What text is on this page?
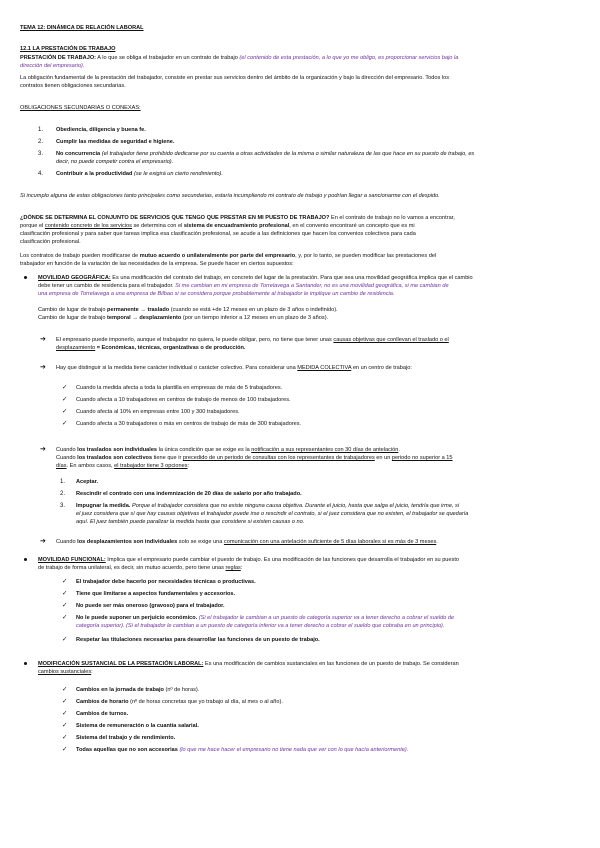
TEMA 12: DINÁMICA DE RELACIÓN LABORAL
12.1 LA PRESTACIÓN DE TRABAJO
PRESTACIÓN DE TRABAJO: A lo que se obliga el trabajador en un contrato de trabajo (el contenido de esta prestación, a lo que yo me obligo, es proporcionar servicios bajo la
dirección del empresario).
La obligación fundamental de la prestación del trabajador, consiste en prestar sus servicios dentro del ámbito de la organización y bajo la dirección del empresario. Todos los
contratos tienen obligaciones secundarias.
OBLIGACIONES SECUNDARIAS O CONEXAS:
1. Obediencia, diligencia y buena fe.
2. Cumplir las medidas de seguridad e higiene.
3. No concurrencia (el trabajador tiene prohibido dedicarse por su cuenta a otras actividades de la misma o similar naturaleza de las que hace en su puesto de trabajo, es
decir, no puede competir contra el empresario).
4. Contribuir a la productividad (se le exigirá un cierto rendimiento).
Si incumplo alguna de estas obligaciones tanto principales como secundarias, estaría incumpliendo mi contrato de trabajo y podrían llegar a sancionarme con el despido.
¿DÓNDE SE DETERMINA EL CONJUNTO DE SERVICIOS QUE TENGO QUE PRESTAR EN MI PUESTO DE TRABAJO? En el contrato de trabajo no lo vamos a encontrar,
porque el contenido concreto de los servicios se determina con el sistema de encuadramiento profesional, en el convenio encontraré un concepto que es mi
clasificación profesional y para saber que tareas implica esa clasificación profesional, se acude a las definiciones que hacen los convenios colectivos para cada
clasificación profesional.
Los contratos de trabajo pueden modificarse de mutuo acuerdo o unilateralmente por parte del empresario, y, por lo tanto, se pueden modificar las prestaciones del
trabajador en función de la variación de las necesidades de la empresa. Se puede hacer en ciertos supuestos:
MOVILIDAD GEOGRÁFICA: Es una modificación del contrato del trabajo, en concreto del lugar de la prestación. Para que sea una movilidad geográfica implica que el cambio
debe tener un cambio de residencia para el trabajador. Si me cambian en mi empresa de Torrelavega a Santander, no es una movilidad geográfica, si me cambian de
una empresa de Torrelavega a una empresa de Bilbao si se considera porque probablemente al trabajador le implique un cambio de residencia.
Cambio de lugar de trabajo permanente → traslado (cuando se está +de 12 meses en un plazo de 3 años o indefinido).
Cambio de lugar de trabajo temporal → desplazamiento (por un tiempo inferior a 12 meses en un plazo de 3 años).
➔ El empresario puede imponerlo, aunque el trabajador no quiera, le puede obligar, pero, no tiene que tener unas causas objetivas que conllevan el traslado o el
desplazamiento = Económicas, técnicas, organizativas o de producción.
➔ Hay que distinguir si la medida tiene carácter individual o carácter colectivo. Para considerar una MEDIDA COLECTIVA en un centro de trabajo:
✓ Cuando la medida afecta a toda la plantilla en empresas de más de 5 trabajadores.
✓ Cuando afecta a 10 trabajadores en centros de trabajo de menos de 100 trabajadores.
✓ Cuando afecta al 10% en empresas entre 100 y 300 trabajadores.
✓ Cuando afecta a 30 trabajadores o más en centros de trabajo de más de 300 trabajadores.
➔ Cuando los traslados son individuales la única condición que se exige es la notificación a sus representantes con 30 días de antelación.
Cuando los traslados son colectivos tiene que ir precedido de un periodo de consultas con los representantes de trabajadores en un periodo no superior a 15
días. En ambos casos, el trabajador tiene 3 opciones:
1. Aceptar.
2. Rescindir el contrato con una indemnización de 20 días de salario por año trabajado.
3. Impugnar la medida. Porque el trabajador considera que no existe ninguna causa objetiva. Durante el juicio, hasta que salga el juicio, tendría que irme, si
el juez considera que sí que hay causas objetivas el trabajador puede irse o rescindir el contrato, si el juez considera que no existen, el trabajador se quedaría
aquí. El juez también puede paralizar la medida hasta que considere si existen causas o no.
➔ Cuando los desplazamientos son individuales solo se exige una comunicación con una antelación suficiente de 5 días laborales si es más de 3 meses.
MOVILIDAD FUNCIONAL: Implica que el empresario puede cambiar el puesto de trabajo. Es una modificación de las funciones que desarrolla el trabajador en su puesto
de trabajo de forma unilateral, es decir, sin mutuo acuerdo, pero tiene unas reglas:
✓ El trabajador debe hacerlo por necesidades técnicas o productivas.
✓ Tiene que limitarse a aspectos fundamentales y accesorios.
✓ No puede ser más oneroso (gravoso) para el trabajador.
✓ No le puede suponer un perjuicio económico. (Si el trabajador le cambian a un puesto de categoría superior va a tener derecho a cobrar el sueldo de
categoría superior). (Si el trabajador le cambian a un puesto de categoría inferior va a tener derecho a cobrar el sueldo que cobraba en un principio).
✓ Respetar las titulaciones necesarias para desarrollar las funciones de un puesto de trabajo.
MODIFICACIÓN SUSTANCIAL DE LA PRESTACIÓN LABORAL: Es una modificación de cambios sustanciales en las funciones de un puesto de trabajo. Se consideran
cambios sustanciales:
✓ Cambios en la jornada de trabajo (nº de horas).
✓ Cambios de horario (nº de horas concretas que yo trabajo al día, al mes o al año).
✓ Cambios de turnos.
✓ Sistema de remuneración o la cuantía salarial.
✓ Sistema del trabajo y de rendimiento.
✓ Todas aquellas que no son accesorias (lo que me hace hacer el empresario no tiene nada que ver con lo que hacía anteriormente).
